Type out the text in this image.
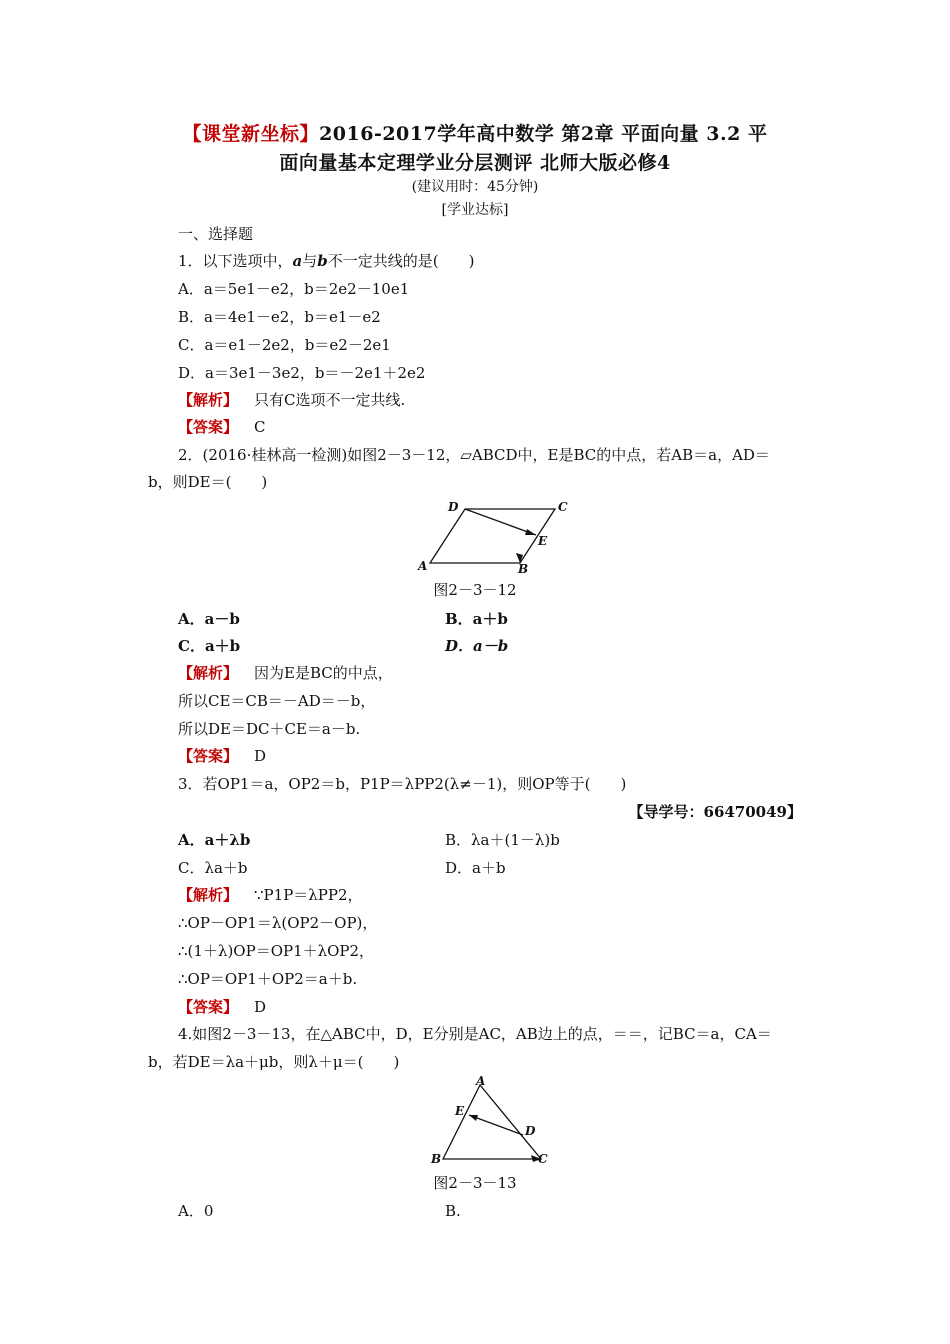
【课堂新坐标】2016-2017学年高中数学 第2章 平面向量 3.2 平
面向量基本定理学业分层测评 北师大版必修4
(建议用时：45分钟)
[学业达标]
一、选择题
1．以下选项中，a与b不一定共线的是(　　)
A．a＝5e1－e2，b＝2e2－10e1
B．a＝4e1－e2，b＝e1－e2
C．a＝e1－2e2，b＝e2－2e1
D．a＝3e1－3e2，b＝－2e1＋2e2
【解析】 只有C选项不一定共线.
【答案】 C
2．(2016·桂林高一检测)如图2－3－12，▱ABCD中，E是BC的中点，若AB＝a，AD＝
b，则DE＝(　　)
A	B
C
D
E
图2－3－12
A．a－b	B．a＋b
C．a＋b	D．a－b
【解析】 因为E是BC的中点，
所以CE＝CB＝－AD＝－b，
所以DE＝DC＋CE＝a－b.
【答案】 D
3．若OP1＝a，OP2＝b，P1P＝λPP2(λ≠－1)，则OP等于(　　)
【导学号：66470049】
A．a＋λb	B．λa＋(1－λ)b
C．λa＋b	D．a＋b
【解析】 ∵P1P＝λPP2，
∴OP－OP1＝λ(OP2－OP)，
∴(1＋λ)OP＝OP1＋λOP2，
∴OP＝OP1＋OP2＝a＋b.
【答案】 D
4.如图2－3－13，在△ABC中，D，E分别是AC，AB边上的点，＝＝，记BC＝a，CA＝
b，若DE＝λa＋μb，则λ＋μ＝(　　)
A
B	C
D
E
图2－3－13
A．0	B.
